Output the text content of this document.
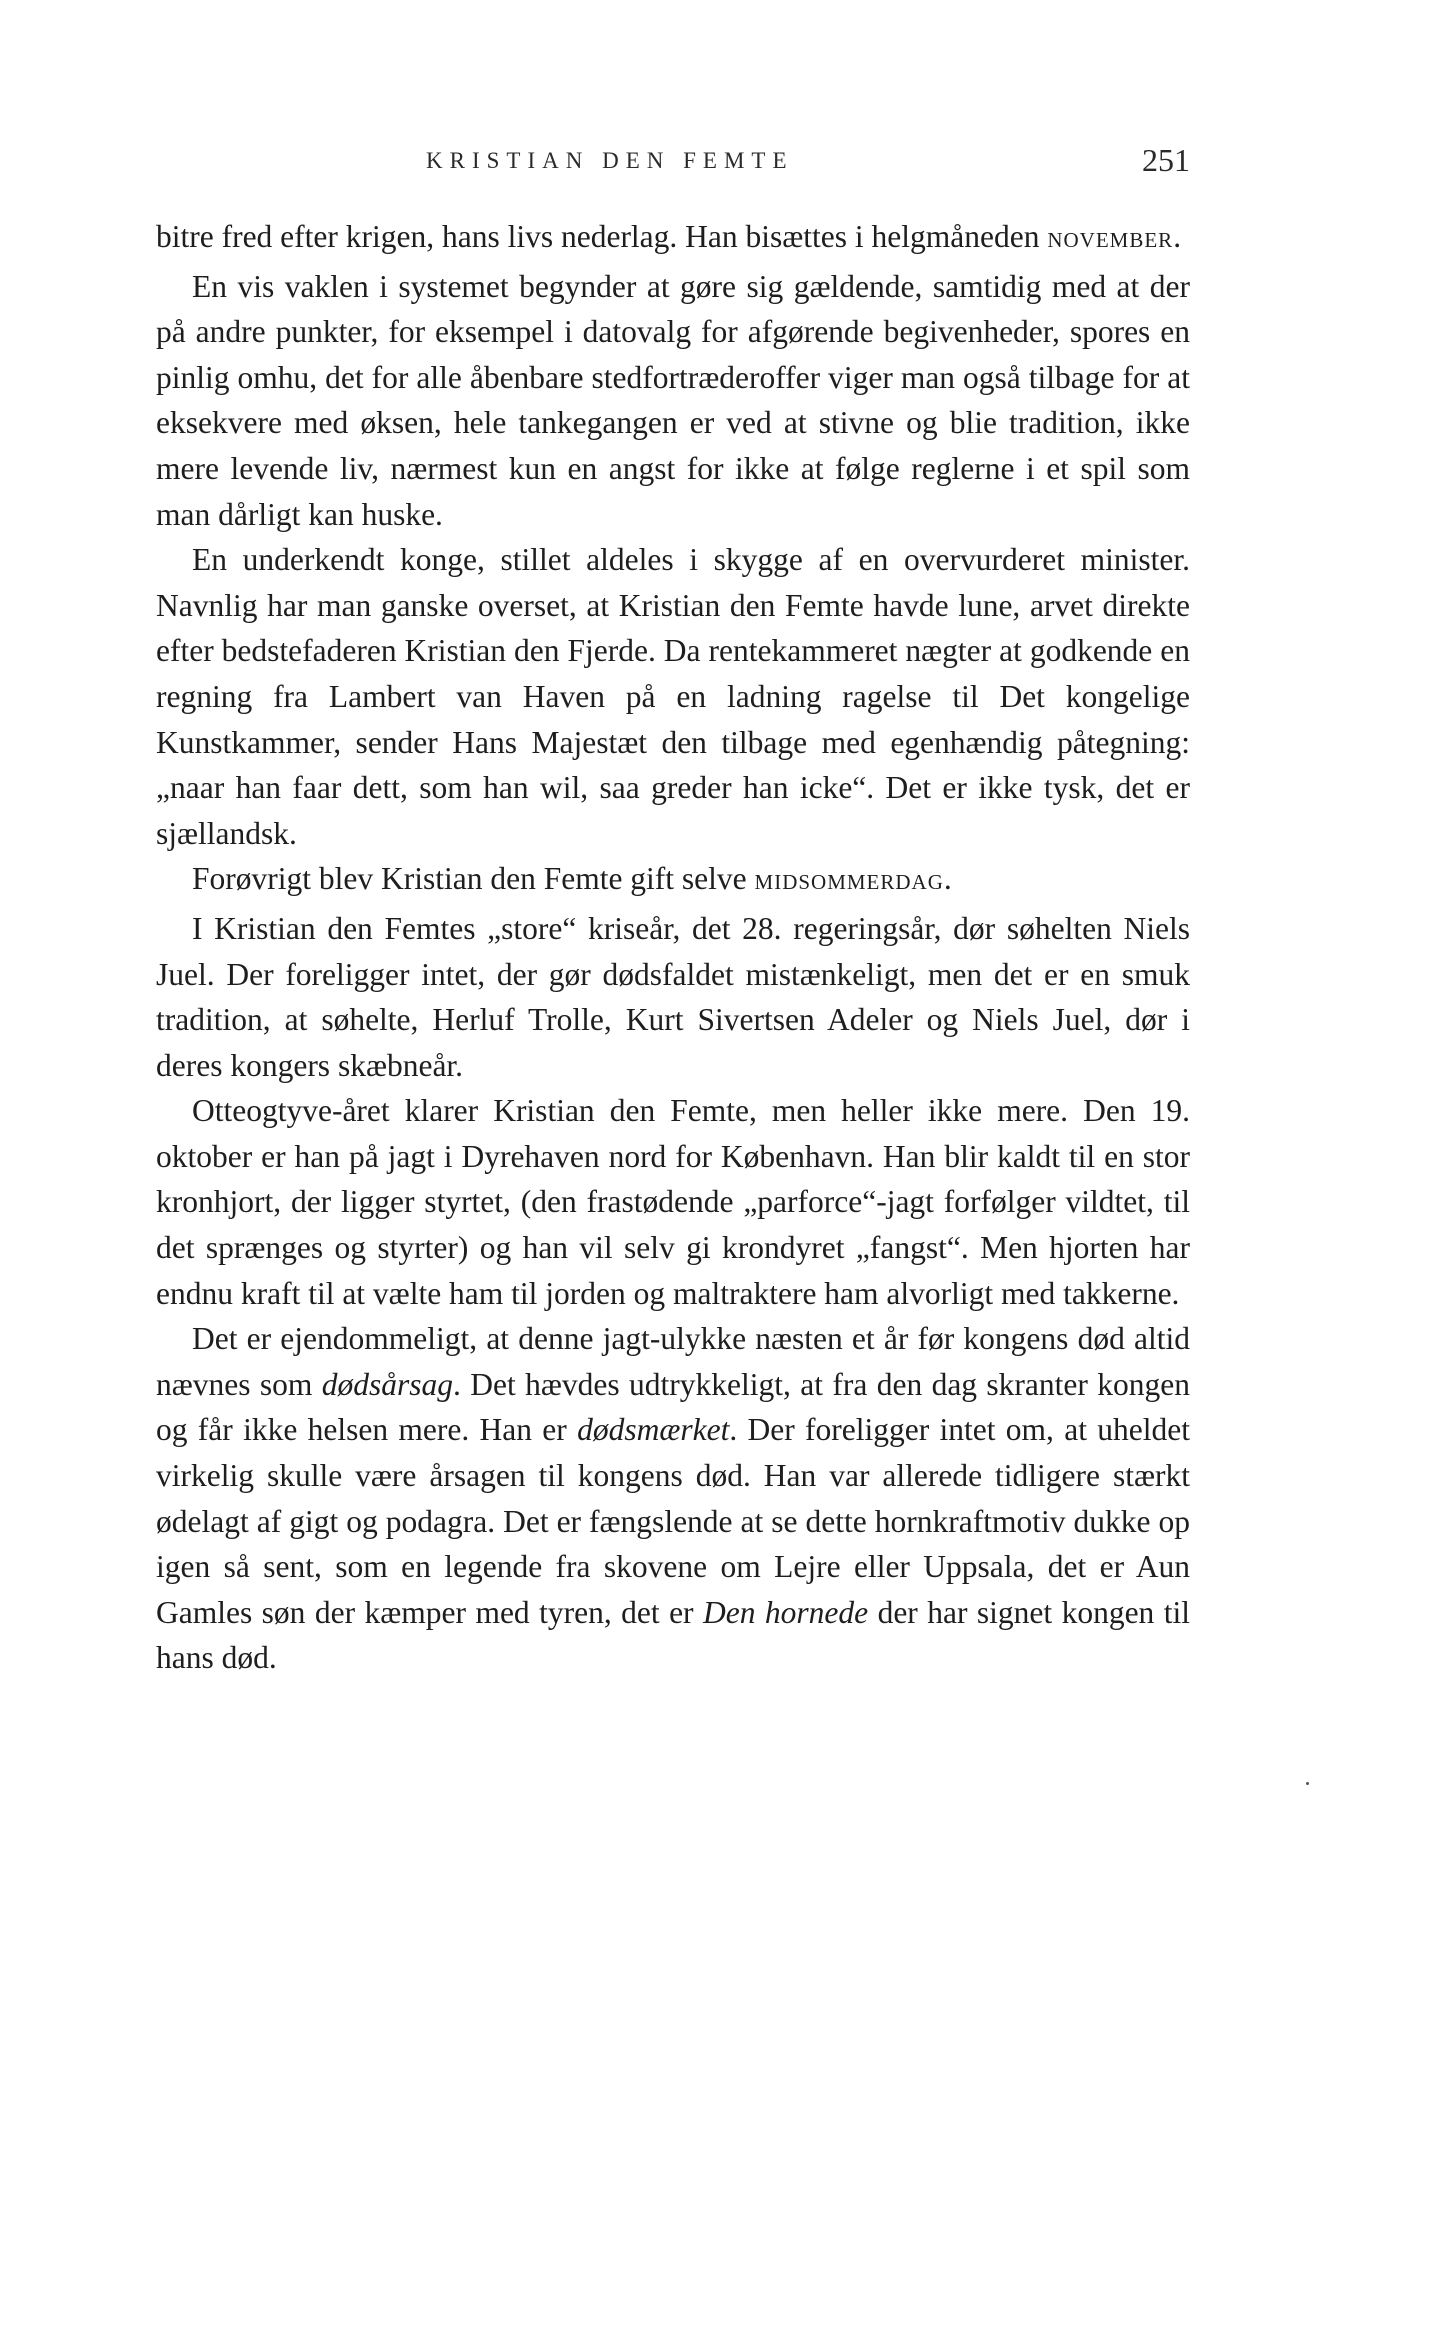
KRISTIAN DEN FEMTE	251

bitre fred efter krigen, hans livs nederlag. Han bisættes i helgmåneden NOVEMBER.

En vis vaklen i systemet begynder at gøre sig gældende, samtidig med at der på andre punkter, for eksempel i datovalg for afgørende begivenheder, spores en pinlig omhu, det for alle åbenbare stedfortræderoffer viger man også tilbage for at eksekvere med øksen, hele tankegangen er ved at stivne og blie tradition, ikke mere levende liv, nærmest kun en angst for ikke at følge reglerne i et spil som man dårligt kan huske.

En underkendt konge, stillet aldeles i skygge af en overvurderet minister. Navnlig har man ganske overset, at Kristian den Femte havde lune, arvet direkte efter bedstefaderen Kristian den Fjerde. Da rentekammeret nægter at godkende en regning fra Lambert van Haven på en ladning ragelse til Det kongelige Kunstkammer, sender Hans Majestæt den tilbage med egenhændig påtegning: „naar han faar dett, som han wil, saa greder han icke“. Det er ikke tysk, det er sjællandsk.

Forøvrigt blev Kristian den Femte gift selve MIDSOMMERDAG.

I Kristian den Femtes „store“ kriseår, det 28. regeringsår, dør søhelten Niels Juel. Der foreligger intet, der gør dødsfaldet mistænkeligt, men det er en smuk tradition, at søhelte, Herluf Trolle, Kurt Sivertsen Adeler og Niels Juel, dør i deres kongers skæbneår.

Otteogtyve-året klarer Kristian den Femte, men heller ikke mere. Den 19. oktober er han på jagt i Dyrehaven nord for København. Han blir kaldt til en stor kronhjort, der ligger styrtet, (den frastødende „parforce“-jagt forfølger vildtet, til det sprænges og styrter) og han vil selv gi krondyret „fangst“. Men hjorten har endnu kraft til at vælte ham til jorden og maltraktere ham alvorligt med takkerne.

Det er ejendommeligt, at denne jagt-ulykke næsten et år før kongens død altid nævnes som dødsårsag. Det hævdes udtrykkeligt, at fra den dag skranter kongen og får ikke helsen mere. Han er dødsmærket. Der foreligger intet om, at uheldet virkelig skulle være årsagen til kongens død. Han var allerede tidligere stærkt ødelagt af gigt og podagra. Det er fængslende at se dette hornkraftmotiv dukke op igen så sent, som en legende fra skovene om Lejre eller Uppsala, det er Aun Gamles søn der kæmper med tyren, det er Den hornede der har signet kongen til hans død.
